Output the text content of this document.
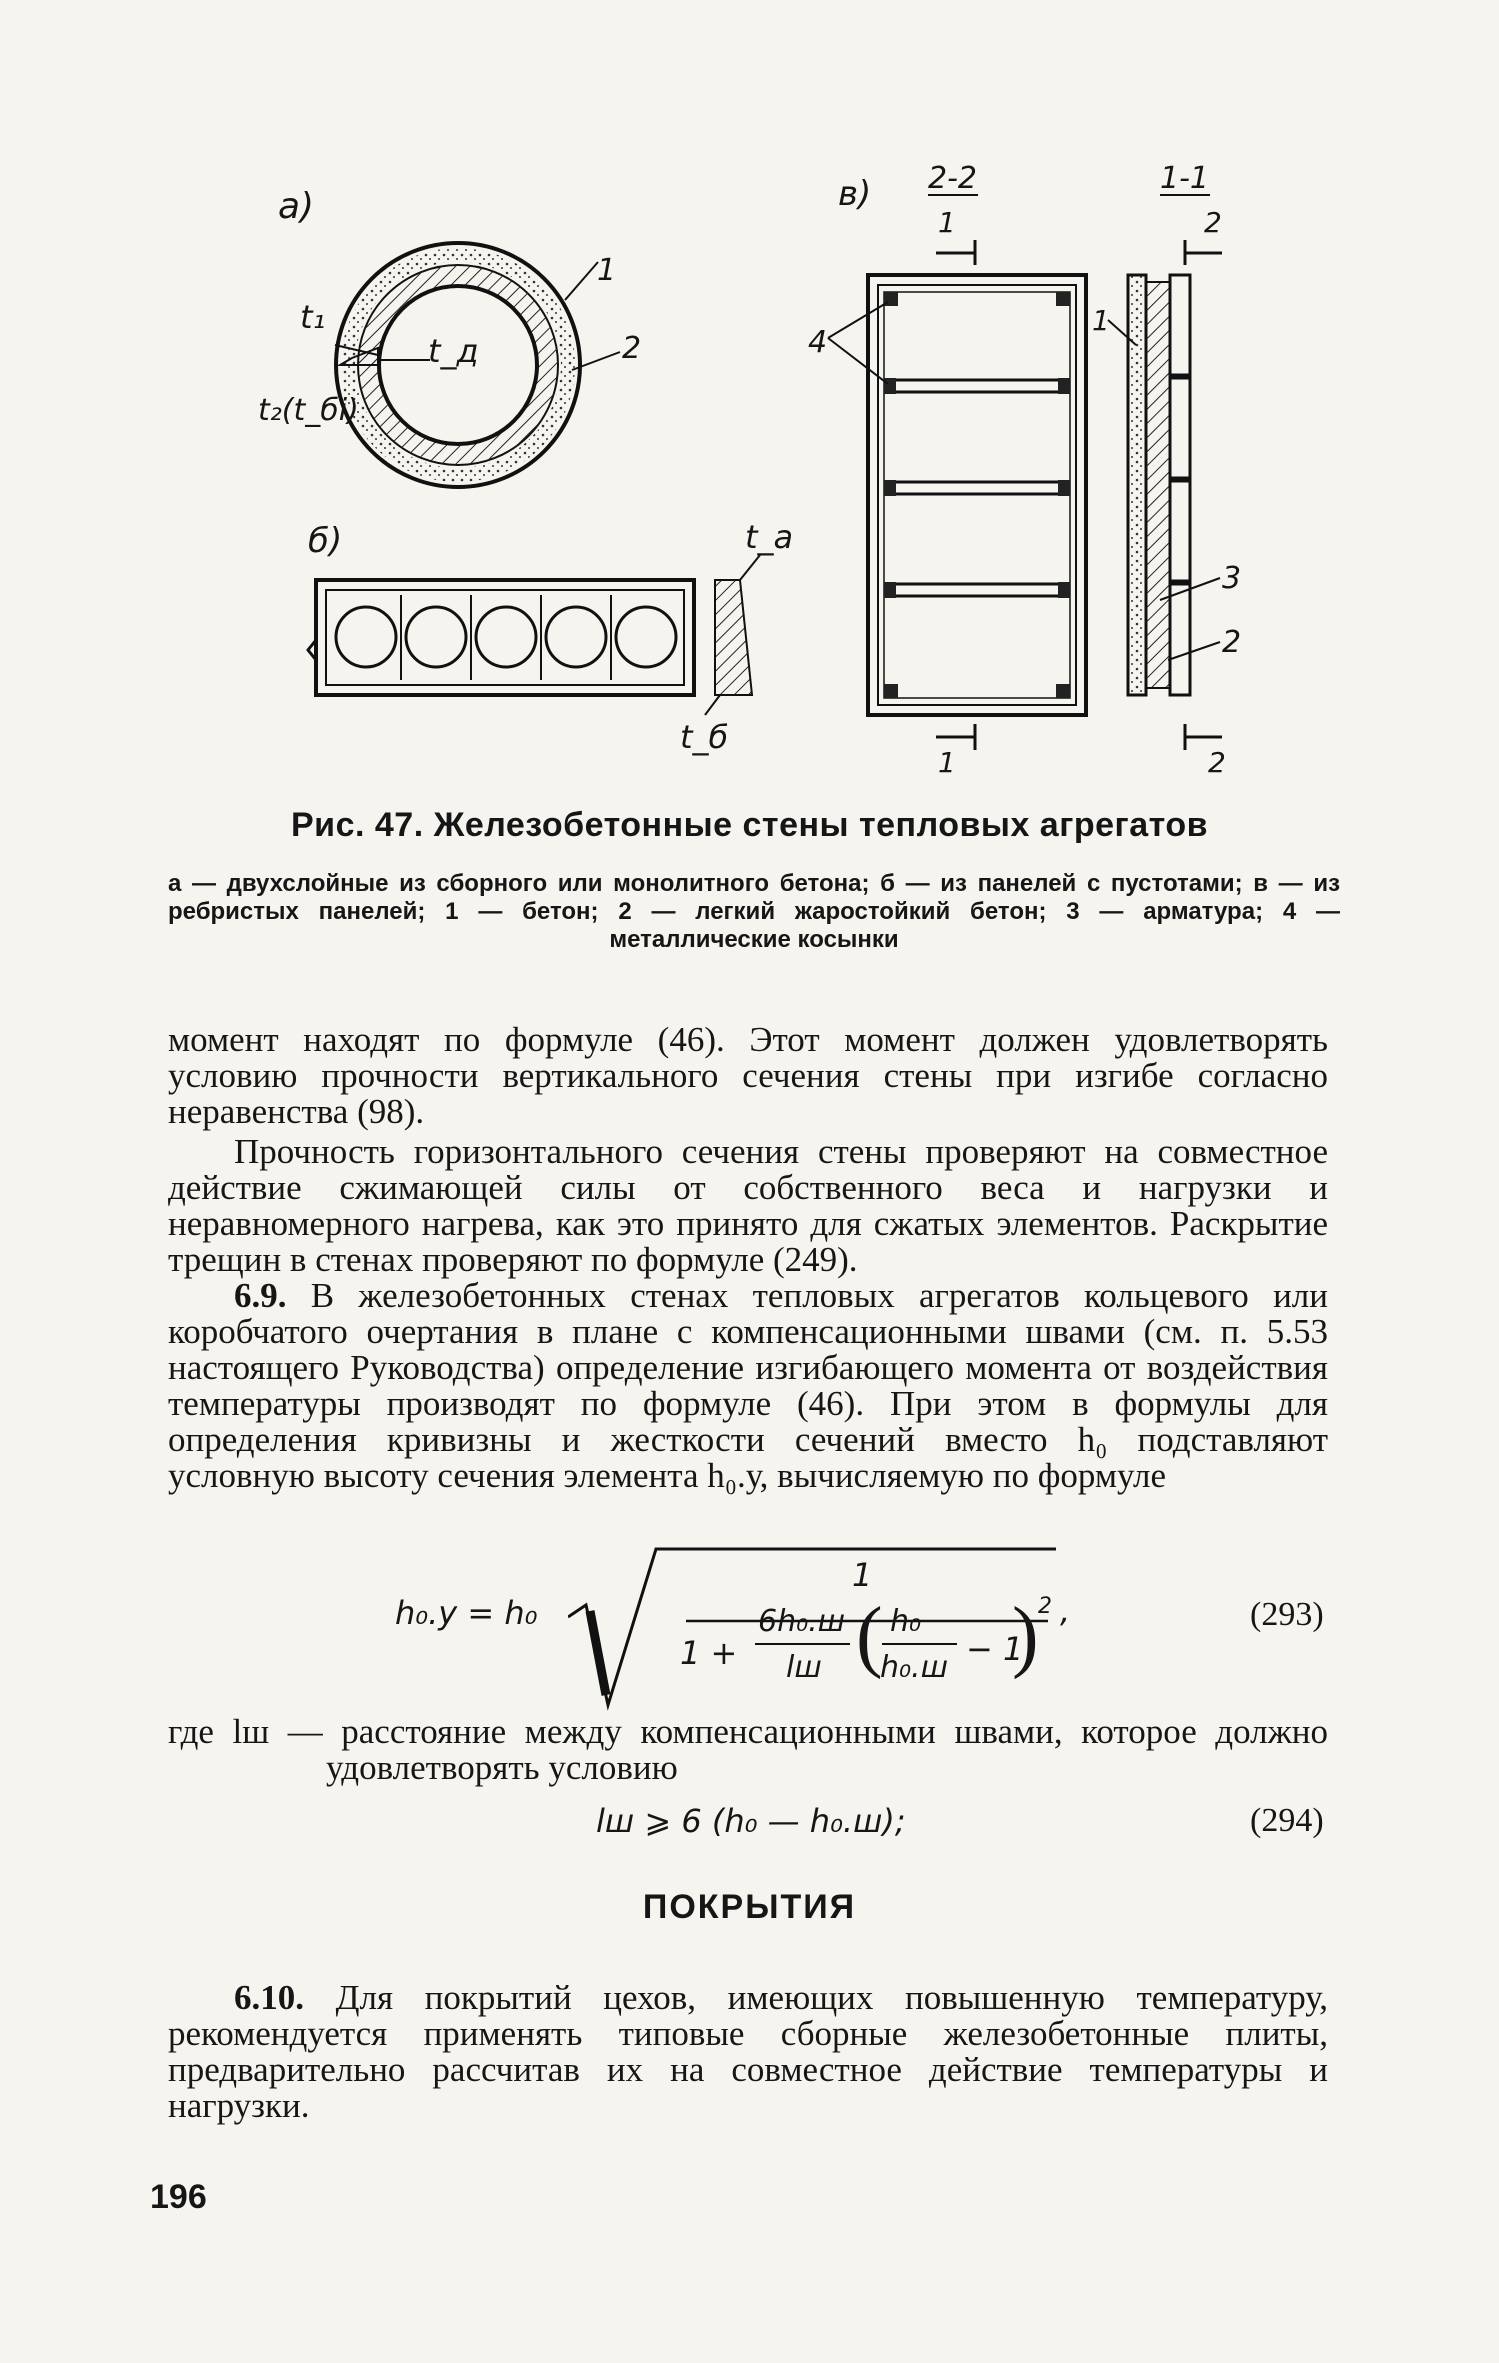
а)
t₁
t_д
t₂(t_бі)
1
2
б)	t_а
t_б
в) 2-2
1
4
1
1-1
2
1
3
2
2
Рис. 47. Железобетонные стены тепловых агрегатов
а — двухслойные из сборного или монолитного бетона; б — из панелей с пустотами; в — из ребристых панелей; 1 — бетон; 2 — легкий жаростойкий бетон; 3 — арматура; 4 — металлические косынки
момент находят по формуле (46). Этот момент должен удовлетворять условию прочности вертикального сечения стены при изгибе согласно неравенства (98).
Прочность горизонтального сечения стены проверяют на совместное действие сжимающей силы от собственного веса и нагрузки и неравномерного нагрева, как это принято для сжатых элементов. Раскрытие трещин в стенах проверяют по формуле (249).
6.9. В железобетонных стенах тепловых агрегатов кольцевого или коробчатого очертания в плане с компенсационными швами (см. п. 5.53 настоящего Руководства) определение изгибающего момента от воздействия температуры производят по формуле (46). При этом в формулы для определения кривизны и жесткости сечений вместо h₀ подставляют условную высоту сечения элемента h₀.у, вычисляемую по формуле
h₀.у = h₀
1
1 +
6h₀.ш
lш ( h₀
h₀.ш − 1
) 2 ,	(293)
где lш — расстояние между компенсационными швами, которое должно удовлетворять условию
lш ⩾ 6 (h₀ — h₀.ш);	(294)
ПОКРЫТИЯ
6.10. Для покрытий цехов, имеющих повышенную температуру, рекомендуется применять типовые сборные железобетонные плиты, предварительно рассчитав их на совместное действие температуры и нагрузки.
196
